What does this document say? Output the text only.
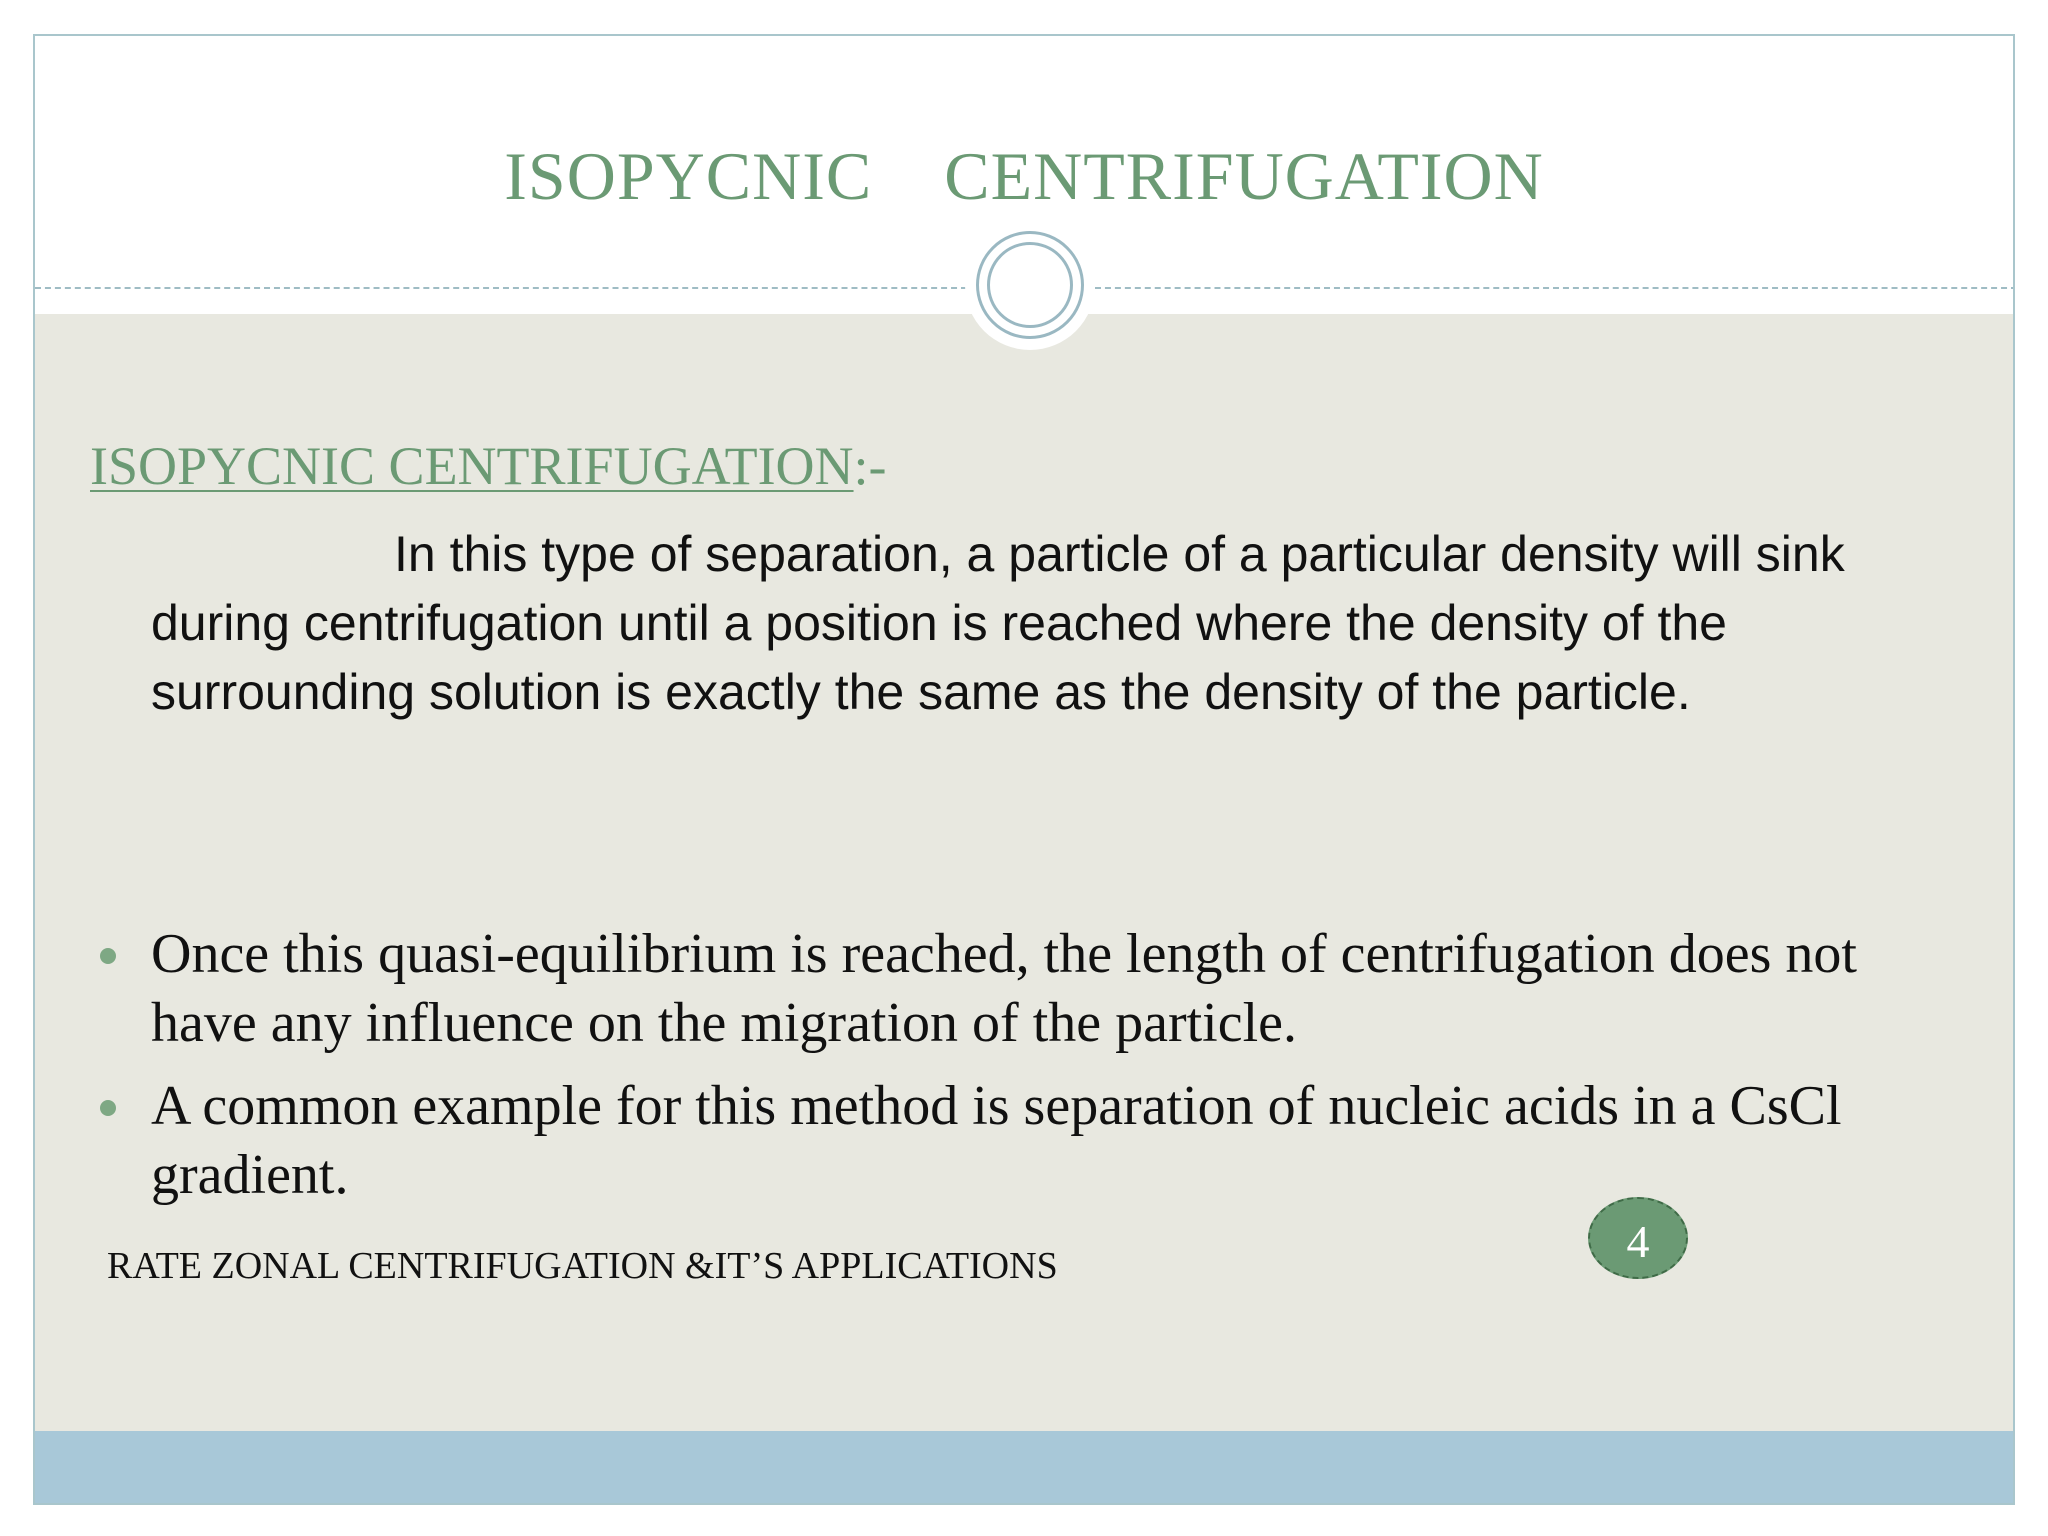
ISOPYCNIC    CENTRIFUGATION
ISOPYCNIC CENTRIFUGATION:-

In this type of separation, a particle of a particular density will sink during centrifugation until a position is reached where the density of the surrounding solution is exactly the same as the density of the particle.

Once this quasi-equilibrium is reached, the length of centrifugation does not have any influence on the migration of the particle.
A common example for this method is separation of nucleic acids in a CsCl gradient.

RATE ZONAL CENTRIFUGATION &IT’S APPLICATIONS	4
